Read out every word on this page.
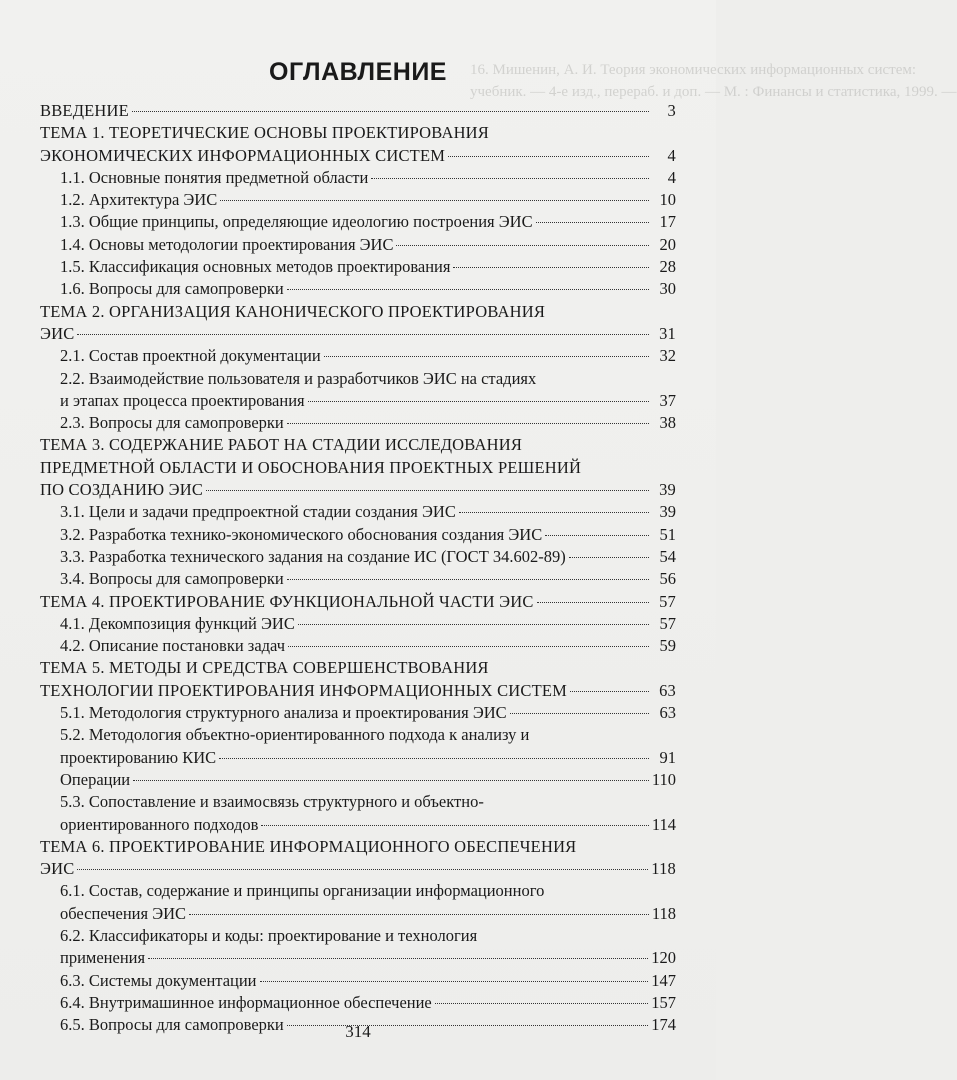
16. Мишенин, А. И. Теория экономических информационных систем:
учебник. — 4-е изд., перераб. и доп. — М. : Финансы и статистика, 1999. —
ОГЛАВЛЕНИЕ
ВВЕДЕНИЕ	3
ТЕМА 1. ТЕОРЕТИЧЕСКИЕ ОСНОВЫ ПРОЕКТИРОВАНИЯ
ЭКОНОМИЧЕСКИХ ИНФОРМАЦИОННЫХ СИСТЕМ	4
1.1. Основные понятия предметной области	4
1.2. Архитектура ЭИС	10
1.3. Общие принципы, определяющие идеологию построения ЭИС	17
1.4. Основы методологии проектирования ЭИС	20
1.5. Классификация основных методов проектирования	28
1.6. Вопросы для самопроверки	30
ТЕМА 2. ОРГАНИЗАЦИЯ КАНОНИЧЕСКОГО ПРОЕКТИРОВАНИЯ
ЭИС	31
2.1. Состав проектной документации	32
2.2. Взаимодействие пользователя и разработчиков ЭИС на стадиях
и этапах процесса проектирования	37
2.3. Вопросы для самопроверки	38
ТЕМА 3. СОДЕРЖАНИЕ РАБОТ НА СТАДИИ ИССЛЕДОВАНИЯ
ПРЕДМЕТНОЙ ОБЛАСТИ И ОБОСНОВАНИЯ ПРОЕКТНЫХ РЕШЕНИЙ
ПО СОЗДАНИЮ ЭИС	39
3.1. Цели и задачи предпроектной стадии создания ЭИС	39
3.2. Разработка технико-экономического обоснования создания ЭИС	51
3.3. Разработка технического задания на создание ИС (ГОСТ 34.602-89)	54
3.4. Вопросы для самопроверки	56
ТЕМА 4. ПРОЕКТИРОВАНИЕ ФУНКЦИОНАЛЬНОЙ ЧАСТИ ЭИС	57
4.1. Декомпозиция функций ЭИС	57
4.2. Описание постановки задач	59
ТЕМА 5. МЕТОДЫ И СРЕДСТВА СОВЕРШЕНСТВОВАНИЯ
ТЕХНОЛОГИИ ПРОЕКТИРОВАНИЯ ИНФОРМАЦИОННЫХ СИСТЕМ	63
5.1. Методология структурного анализа и проектирования ЭИС	63
5.2. Методология объектно-ориентированного подхода к анализу и
проектированию КИС	91
Операции	110
5.3. Сопоставление и взаимосвязь структурного и объектно-
ориентированного подходов	114
ТЕМА 6. ПРОЕКТИРОВАНИЕ ИНФОРМАЦИОННОГО ОБЕСПЕЧЕНИЯ
ЭИС	118
6.1. Состав, содержание и принципы организации информационного
обеспечения ЭИС	118
6.2. Классификаторы и коды: проектирование и технология
применения	120
6.3. Системы документации	147
6.4. Внутримашинное информационное обеспечение	157
6.5. Вопросы для самопроверки	174
314
